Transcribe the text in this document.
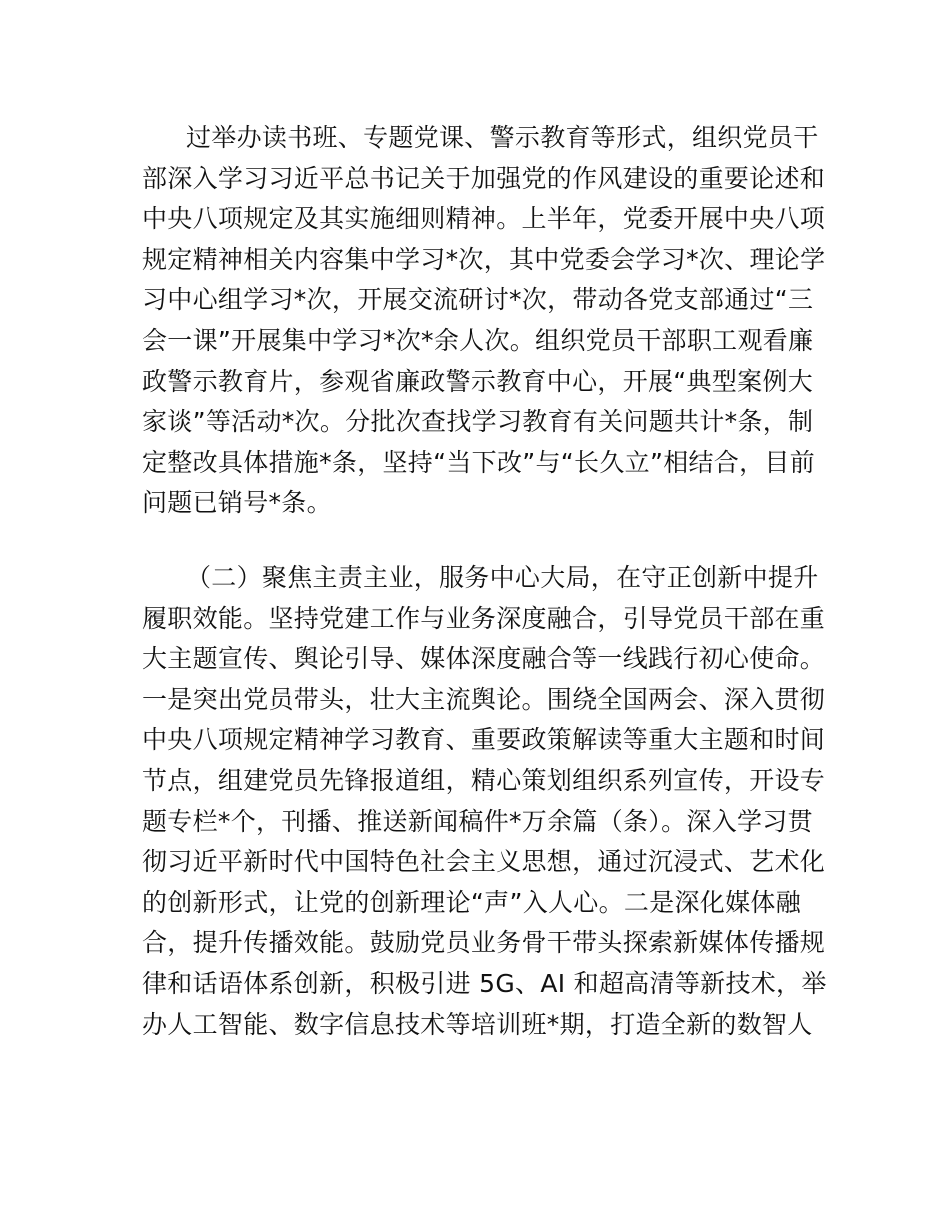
过举办读书班、专题党课、警示教育等形式，组织党员干
部深入学习习近平总书记关于加强党的作风建设的重要论述和
中央八项规定及其实施细则精神。上半年，党委开展中央八项
规定精神相关内容集中学习*次，其中党委会学习*次、理论学
习中心组学习*次，开展交流研讨*次，带动各党支部通过“三
会一课”开展集中学习*次*余人次。组织党员干部职工观看廉
政警示教育片，参观省廉政警示教育中心，开展“典型案例大
家谈”等活动*次。分批次查找学习教育有关问题共计*条，制
定整改具体措施*条，坚持“当下改”与“长久立”相结合，目前
问题已销号*条。
（二）聚焦主责主业，服务中心大局，在守正创新中提升
履职效能。坚持党建工作与业务深度融合，引导党员干部在重
大主题宣传、舆论引导、媒体深度融合等一线践行初心使命。
一是突出党员带头，壮大主流舆论。围绕全国两会、深入贯彻
中央八项规定精神学习教育、重要政策解读等重大主题和时间
节点，组建党员先锋报道组，精心策划组织系列宣传，开设专
题专栏*个，刊播、推送新闻稿件*万余篇（条）。深入学习贯
彻习近平新时代中国特色社会主义思想，通过沉浸式、艺术化
的创新形式，让党的创新理论“声”入人心。二是深化媒体融
合，提升传播效能。鼓励党员业务骨干带头探索新媒体传播规
律和话语体系创新，积极引进 5G、AI 和超高清等新技术，举
办人工智能、数字信息技术等培训班*期，打造全新的数智人
